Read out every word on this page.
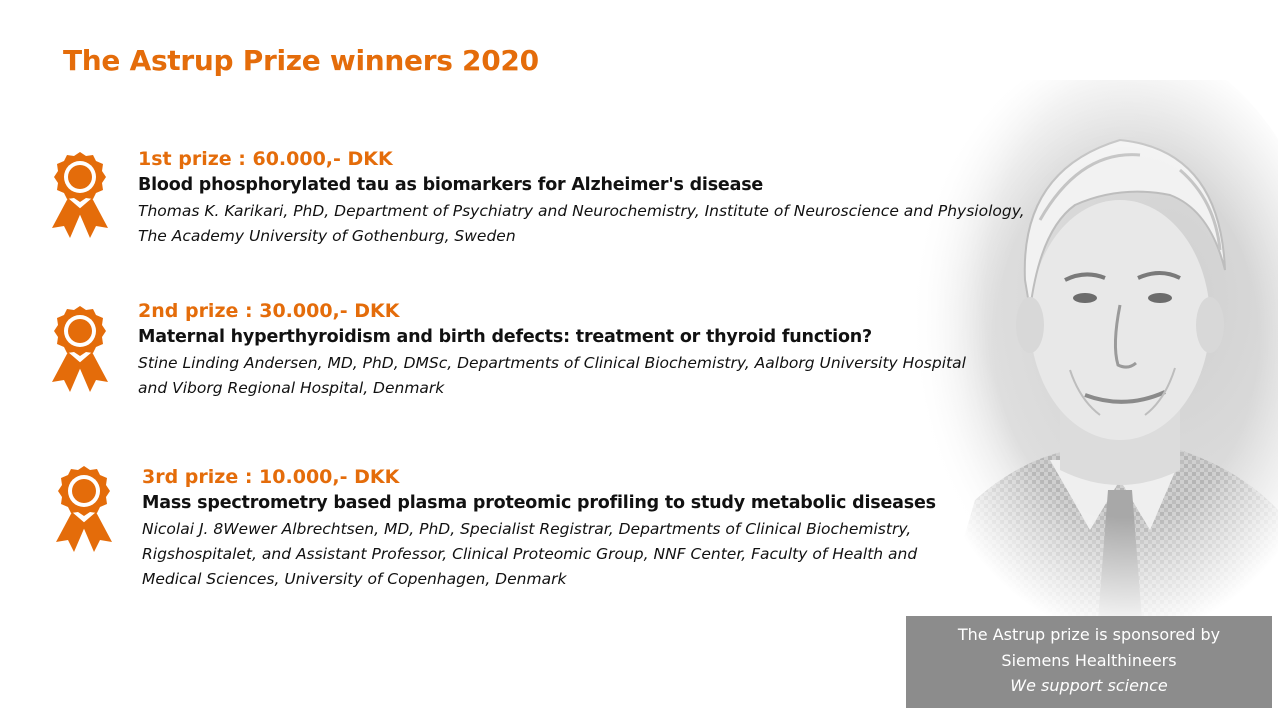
The Astrup Prize winners 2020
1st prize : 60.000,- DKK
Blood phosphorylated tau as biomarkers for Alzheimer's disease
Thomas K. Karikari, PhD, Department of Psychiatry and Neurochemistry, Institute of Neuroscience and Physiology, The Academy University of Gothenburg, Sweden
2nd prize : 30.000,- DKK
Maternal hyperthyroidism and birth defects: treatment or thyroid function?
Stine Linding Andersen, MD, PhD, DMSc, Departments of Clinical Biochemistry, Aalborg University Hospital and Viborg Regional Hospital, Denmark
3rd prize : 10.000,- DKK
Mass spectrometry based plasma proteomic profiling to study metabolic diseases
Nicolai J. 8Wewer Albrechtsen, MD, PhD, Specialist Registrar, Departments of Clinical Biochemistry, Rigshospitalet, and Assistant Professor, Clinical Proteomic Group, NNF Center, Faculty of Health and Medical Sciences, University of Copenhagen, Denmark
The Astrup prize is sponsored by
Siemens Healthineers
We support science
